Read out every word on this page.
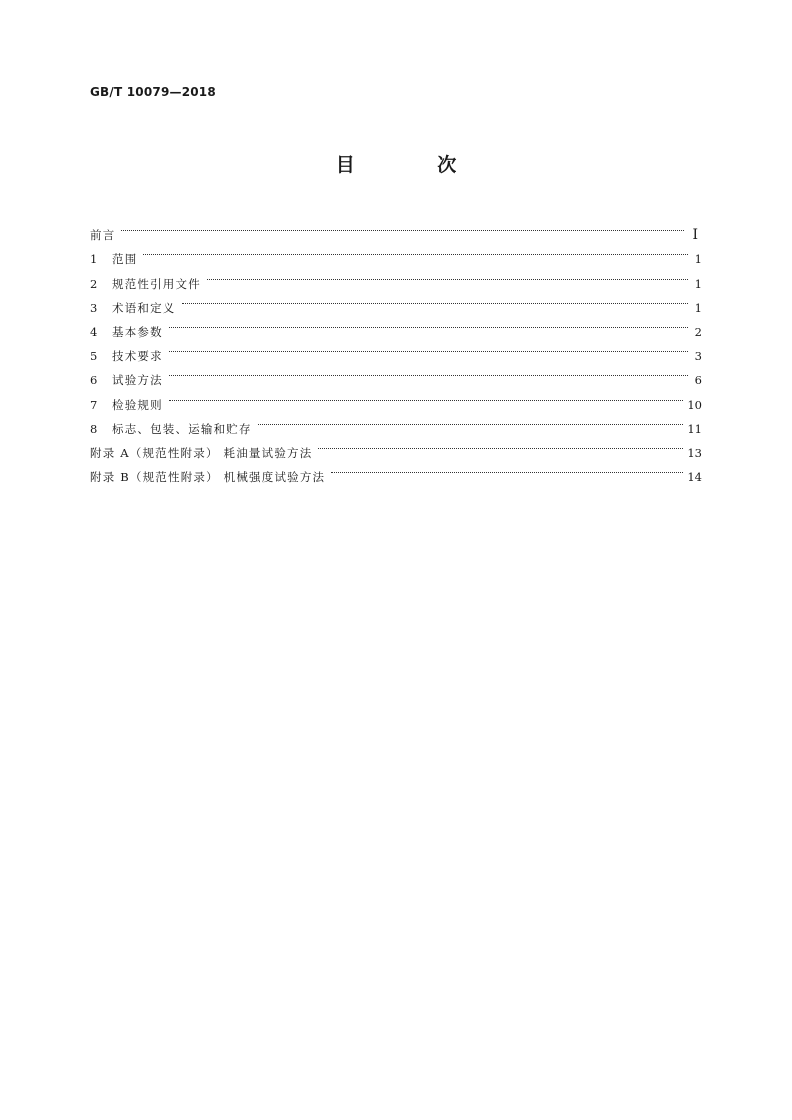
GB/T 10079—2018
目 次
前言	Ⅰ
1	范围	1
2	规范性引用文件	1
3	术语和定义	1
4	基本参数	2
5	技术要求	3
6	试验方法	6
7	检验规则	10
8	标志、包装、运输和贮存	11
附录 A（规范性附录） 耗油量试验方法	13
附录 B（规范性附录） 机械强度试验方法	14
